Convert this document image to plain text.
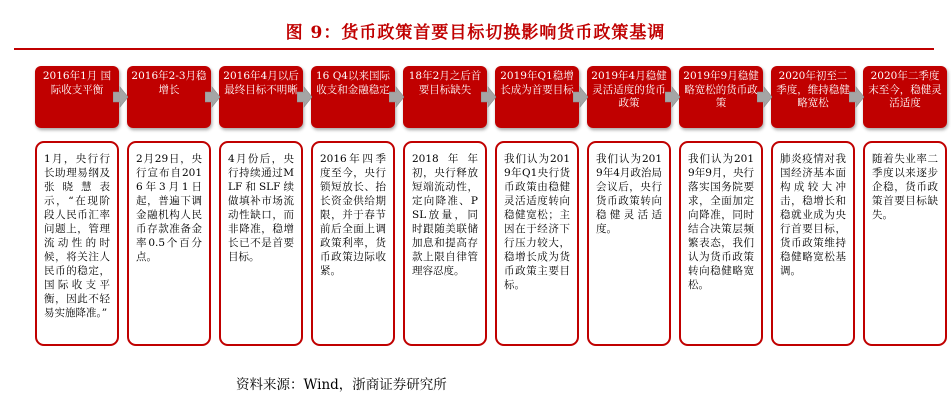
图 9：货币政策首要目标切换影响货币政策基调
2016年1月 国际收支平衡
1月，央行行长助理易纲及张晓慧表示，“在现阶段人民币汇率问题上，管理流动性的时候，将关注人民币的稳定，国际收支平衡，因此不轻易实施降准。”
2016年2-3月稳增长
2月29日，央行宣布自2016年3月1日起，普遍下调金融机构人民币存款准备金率0.5个百分点。
2016年4月以后最终目标不明晰
4月份后，央行持续通过MLF和SLF续做填补市场流动性缺口，而非降准，稳增长已不是首要目标。
16 Q4以来国际收支和金融稳定
2016年四季度至今，央行锁短放长、抬长资金供给期限，并于春节前后全面上调政策利率，货币政策边际收紧。
18年2月之后首要目标缺失
2018年年初，央行释放短端流动性，定向降准、PSL放量，同时跟随美联储加息和提高存款上限自律管理容忍度。
2019年Q1稳增长成为首要目标
我们认为2019年Q1央行货币政策由稳健灵活适度转向稳健宽松；主因在于经济下行压力较大，稳增长成为货币政策主要目标。
2019年4月稳健灵活适度的货币政策
我们认为2019年4月政治局会议后，央行货币政策转向稳健灵活适度。
2019年9月稳健略宽松的货币政策
我们认为2019年9月，央行落实国务院要求，全面加定向降准，同时结合决策层频繁表态，我们认为货币政策转向稳健略宽松。
2020年初至二季度，维持稳健略宽松
肺炎疫情对我国经济基本面构成较大冲击，稳增长和稳就业成为央行首要目标，货币政策维持稳健略宽松基调。
2020年二季度末至今，稳健灵活适度
随着失业率二季度以来逐步企稳，货币政策首要目标缺失。
资料来源：Wind，浙商证券研究所
